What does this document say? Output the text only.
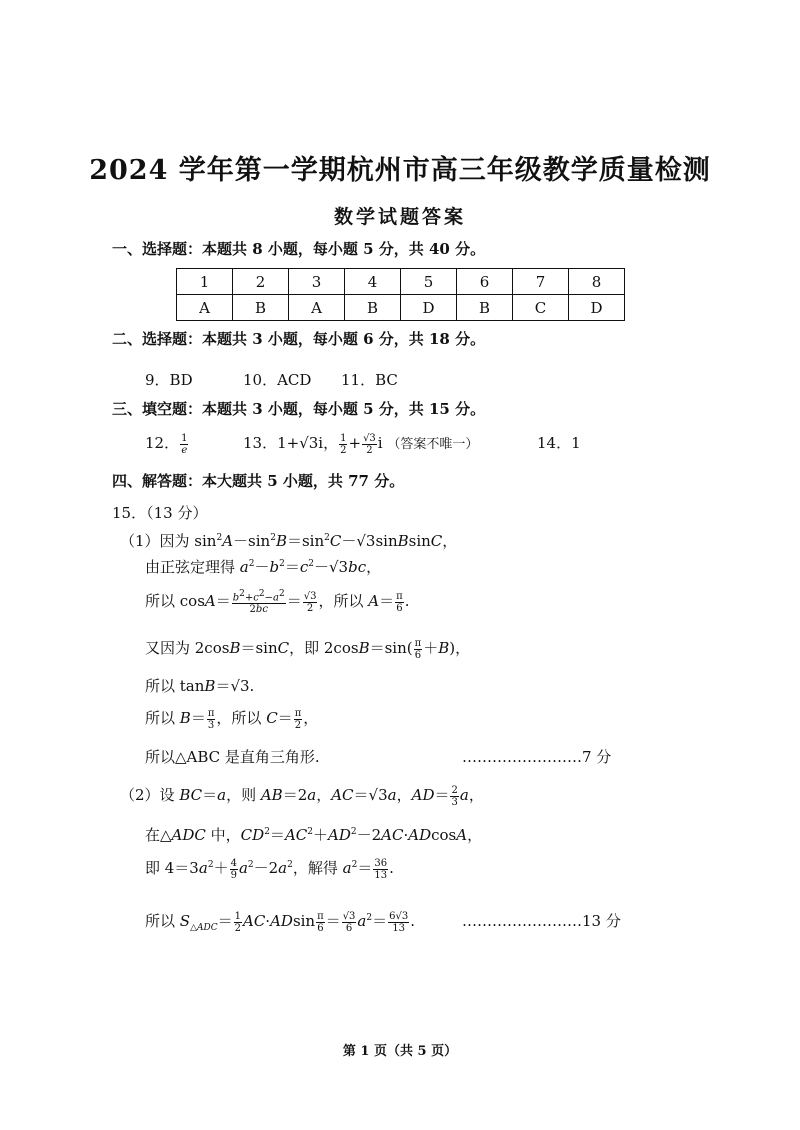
2024 学年第一学期杭州市高三年级教学质量检测
数学试题答案
一、选择题：本题共 8 小题，每小题 5 分，共 40 分。
1	2	3	4	5	6	7	8
A	B	A	B	D	B	C	D
二、选择题：本题共 3 小题，每小题 6 分，共 18 分。
9．BD	10．ACD 11．BC
三、填空题：本题共 3 小题，每小题 5 分，共 15 分。
12． $\frac{1}{e}$	13．1+√3i， $\frac{1}{2} + \frac{√3}{2}$ i （答案不唯一）	14．1
四、解答题：本大题共 5 小题，共 77 分。
15．（13 分）
（1）因为 $\sin^2A-\sin^2B=\sin^2C-√3sinBsinC$，
由正弦定理得 $a^2-b^2=c^2-√3bc$，
所以 $\cos A= \frac{b^2+c^2-a^2}{2bc} = \frac{√3}{2}$ ，所以 $A= \frac{\pi}{6}$ .
又因为 2cosB＝sinC，即 $2\cos B=\sin( \frac{\pi}{6} +B)$，
所以 tanB＝√3.
所以 $B= \frac{\pi}{3}$ ，所以 $C= \frac{\pi}{2}$ ，
所以△ABC 是直角三角形.	……………………7 分
（2）设 BC＝a，则 AB＝2a，AC＝√3a，$AD= \frac{2}{3}$ a，
在△ADC 中，$CD^2=AC^2+AD^2-2AC\cdot ADcosA$，
即 $4=3a^2+ \frac{4}{9} a^2-2a^2$，解得 $a^2= \frac{36}{13}$ .
所以 $S_{\triangle ADC}= \frac{1}{2} AC\cdot ADsin \frac{\pi}{6} = \frac{√3}{6} a^2= \frac{6√3}{13}$ .	……………………13 分
第 1 页（共 5 页）
